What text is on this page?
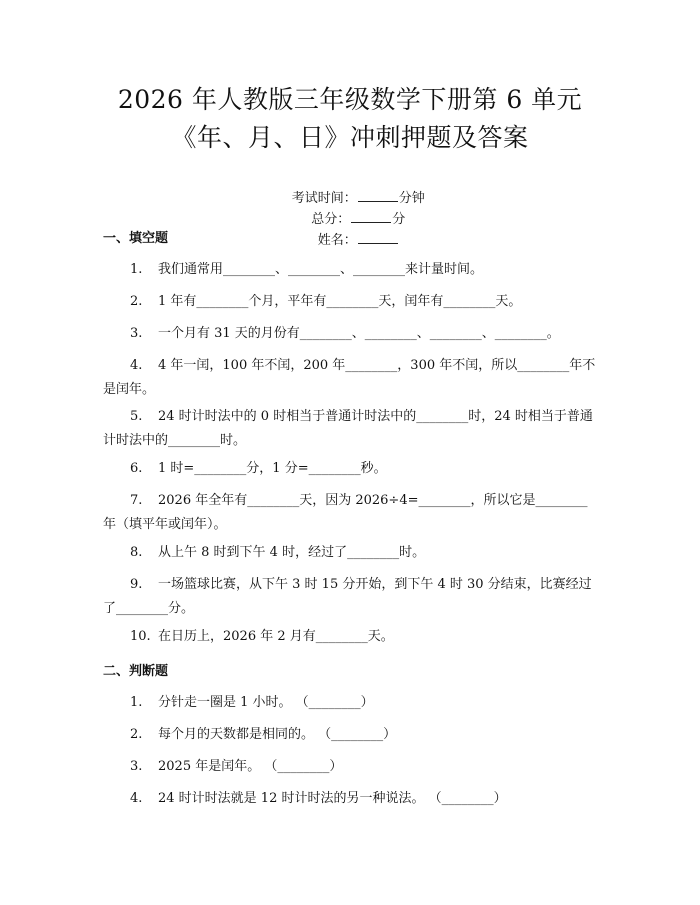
2026 年人教版三年级数学下册第 6 单元
《年、月、日》冲刺押题及答案

考试时间：	分钟
总分：	分
姓名：

一、填空题
1. 我们通常用________、________、________来计量时间。
2. 1 年有________个月，平年有________天，闰年有________天。
3. 一个月有 31 天的月份有________、________、________、________。
4. 4 年一闰，100 年不闰，200 年________，300 年不闰，所以________年不是闰年。
5. 24 时计时法中的 0 时相当于普通计时法中的________时，24 时相当于普通计时法中的________时。
6. 1 时=________分，1 分=________秒。
7. 2026 年全年有________天，因为 2026÷4=________，所以它是________年（填平年或闰年）。
8. 从上午 8 时到下午 4 时，经过了________时。
9. 一场篮球比赛，从下午 3 时 15 分开始，到下午 4 时 30 分结束，比赛经过了________分。
10. 在日历上，2026 年 2 月有________天。
二、判断题
1. 分针走一圈是 1 小时。 （________）
2. 每个月的天数都是相同的。 （________）
3. 2025 年是闰年。 （________）
4. 24 时计时法就是 12 时计时法的另一种说法。 （________）
